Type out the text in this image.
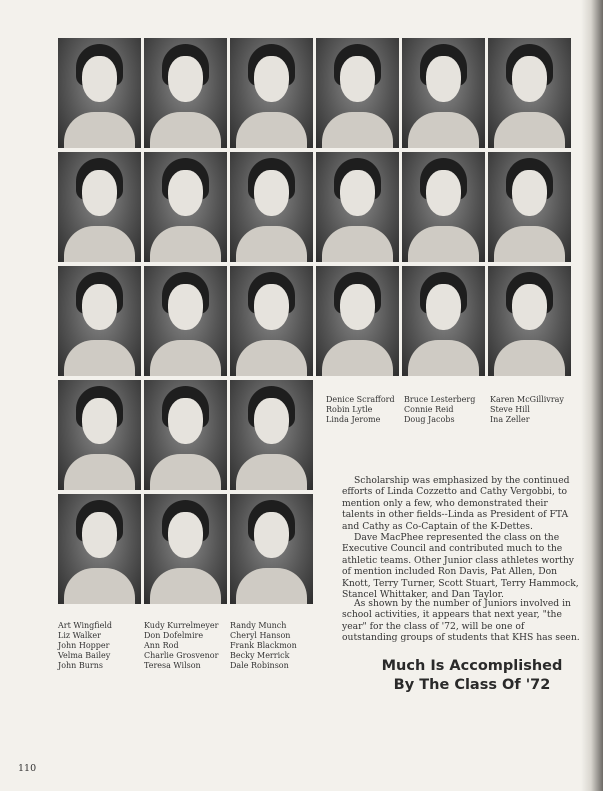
Denice Scrafford
Robin Lytle
Linda Jerome
Bruce Lesterberg
Connie Reid
Doug Jacobs
Karen McGillivray
Steve Hill
Ina Zeller
Art Wingfield
Liz Walker
John Hopper
Velma Bailey
John Burns
Kudy Kurrelmeyer
Don Dofelmire
Ann Rod
Charlie Grosvenor
Teresa Wilson
Randy Munch
Cheryl Hanson
Frank Blackmon
Becky Merrick
Dale Robinson

Scholarship was emphasized by the continued efforts of Linda Cozzetto and Cathy Vergobbi, to mention only a few, who demonstrated their talents in other fields--Linda as President of FTA and Cathy as Co-Captain of the K-Dettes.

Dave MacPhee represented the class on the Executive Council and contributed much to the athletic teams. Other Junior class athletes worthy of mention included Ron Davis, Pat Allen, Don Knott, Terry Turner, Scott Stuart, Terry Hammock, Stancel Whittaker, and Dan Taylor.

As shown by the number of Juniors involved in school activities, it appears that next year, "the year" for the class of '72, will be one of outstanding groups of students that KHS has seen.

Much Is Accomplished
By The Class Of '72
110
